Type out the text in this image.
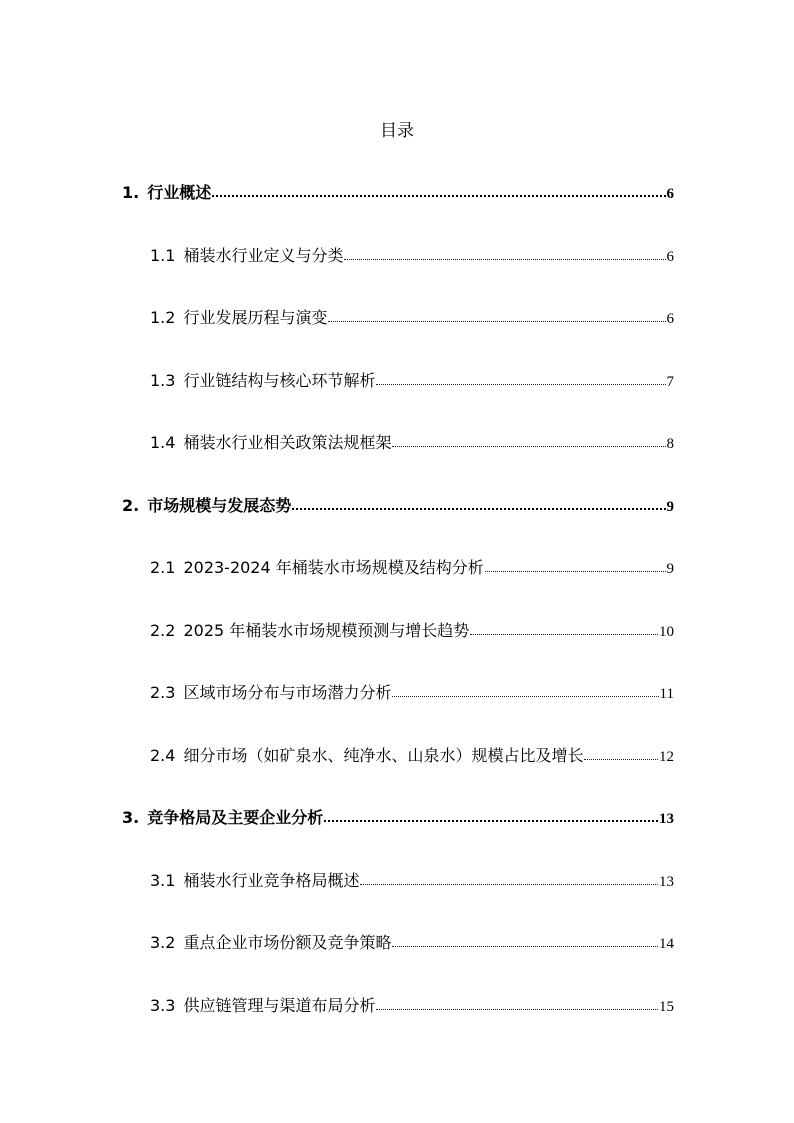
目录
1. 行业概述	6
1.1 桶装水行业定义与分类	6
1.2 行业发展历程与演变	6
1.3 行业链结构与核心环节解析	7
1.4 桶装水行业相关政策法规框架	8
2. 市场规模与发展态势	9
2.1 2023-2024 年桶装水市场规模及结构分析	9
2.2 2025 年桶装水市场规模预测与增长趋势	10
2.3 区域市场分布与市场潜力分析	11
2.4 细分市场（如矿泉水、纯净水、山泉水）规模占比及增长	12
3. 竞争格局及主要企业分析	13
3.1 桶装水行业竞争格局概述	13
3.2 重点企业市场份额及竞争策略	14
3.3 供应链管理与渠道布局分析	15
